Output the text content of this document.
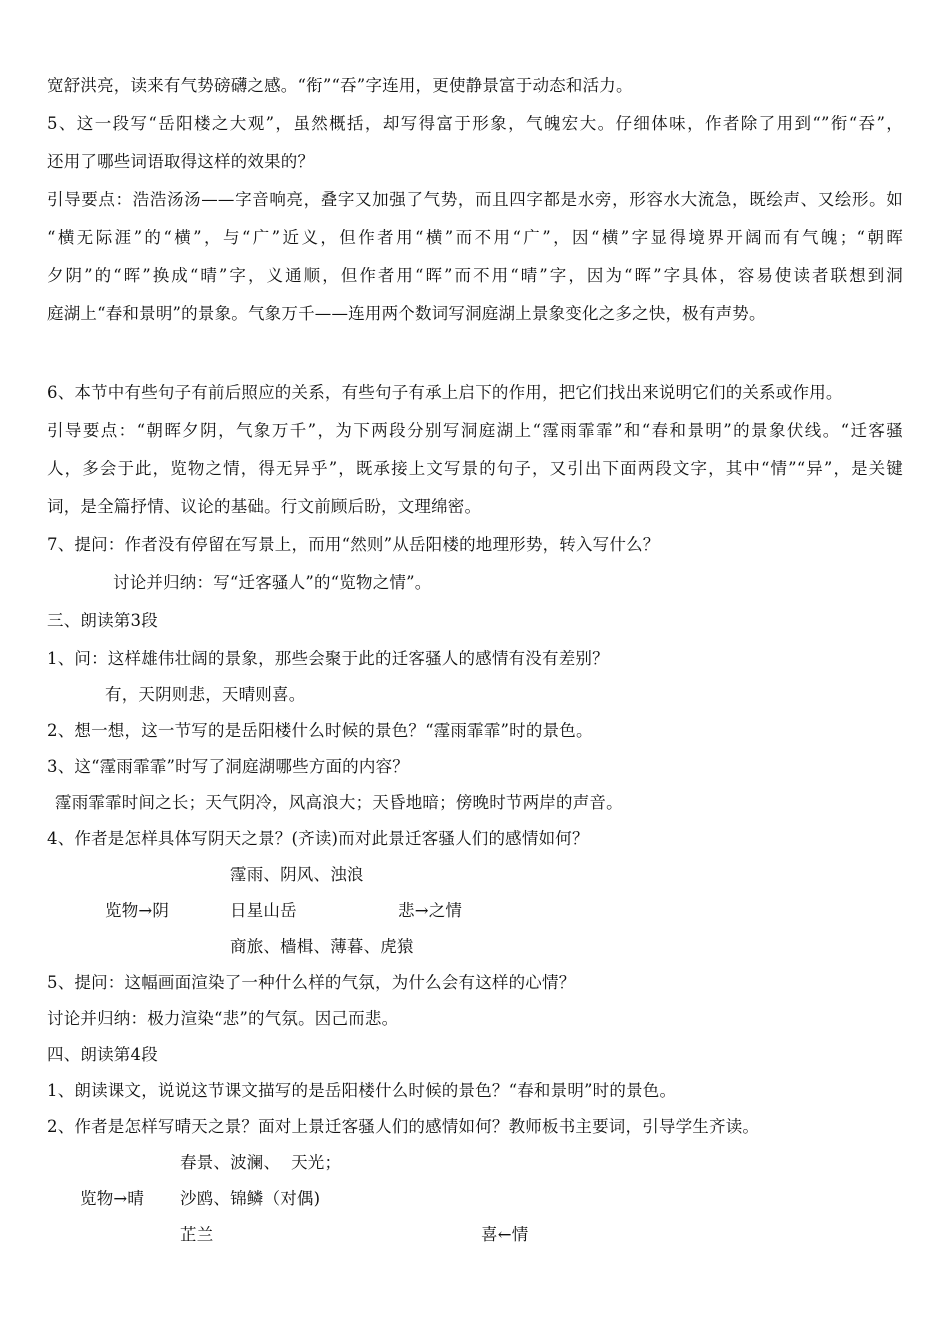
宽舒洪亮，读来有气势磅礴之感。“衔”“吞”字连用，更使静景富于动态和活力。
5、这一段写“岳阳楼之大观”，虽然概括，却写得富于形象，气魄宏大。仔细体味，作者除了用到“”衔“吞”，
还用了哪些词语取得这样的效果的？
引导要点：浩浩汤汤——字音响亮，叠字又加强了气势，而且四字都是水旁，形容水大流急，既绘声、又绘形。如
“横无际涯”的“横”，与“广”近义，但作者用“横”而不用“广”，因“横”字显得境界开阔而有气魄；“朝晖
夕阴”的“晖”换成“晴”字，义通顺，但作者用“晖”而不用“晴”字，因为“晖”字具体，容易使读者联想到洞
庭湖上“春和景明”的景象。气象万千——连用两个数词写洞庭湖上景象变化之多之快，极有声势。
6、本节中有些句子有前后照应的关系，有些句子有承上启下的作用，把它们找出来说明它们的关系或作用。
引导要点：“朝晖夕阴，气象万千”，为下两段分别写洞庭湖上“霪雨霏霏”和“春和景明”的景象伏线。“迁客骚
人，多会于此，览物之情，得无异乎”，既承接上文写景的句子，又引出下面两段文字，其中“情”“异”，是关键
词，是全篇抒情、议论的基础。行文前顾后盼，文理绵密。
7、提问：作者没有停留在写景上，而用“然则”从岳阳楼的地理形势，转入写什么？
讨论并归纳：写“迁客骚人”的“览物之情”。
三、朗读第3段
1、问：这样雄伟壮阔的景象，那些会聚于此的迁客骚人的感情有没有差别？
有，天阴则悲，天晴则喜。
2、想一想，这一节写的是岳阳楼什么时候的景色？“霪雨霏霏”时的景色。
3、这“霪雨霏霏”时写了洞庭湖哪些方面的内容？
霪雨霏霏时间之长；天气阴冷，风高浪大；天昏地暗；傍晚时节两岸的声音。
4、作者是怎样具体写阴天之景？(齐读)而对此景迁客骚人们的感情如何？
霪雨、阴风、浊浪
览物→阴	日星山岳	悲→之情
商旅、樯楫、薄暮、虎猿
5、提问：这幅画面渲染了一种什么样的气氛，为什么会有这样的心情？
讨论并归纳：极力渲染“悲”的气氛。因己而悲。
四、朗读第4段
1、朗读课文，说说这节课文描写的是岳阳楼什么时候的景色？“春和景明”时的景色。
2、作者是怎样写晴天之景？面对上景迁客骚人们的感情如何？教师板书主要词，引导学生齐读。
春景、波澜、  天光；
览物→晴 沙鸥、锦鳞（对偶)
芷兰	喜←情
